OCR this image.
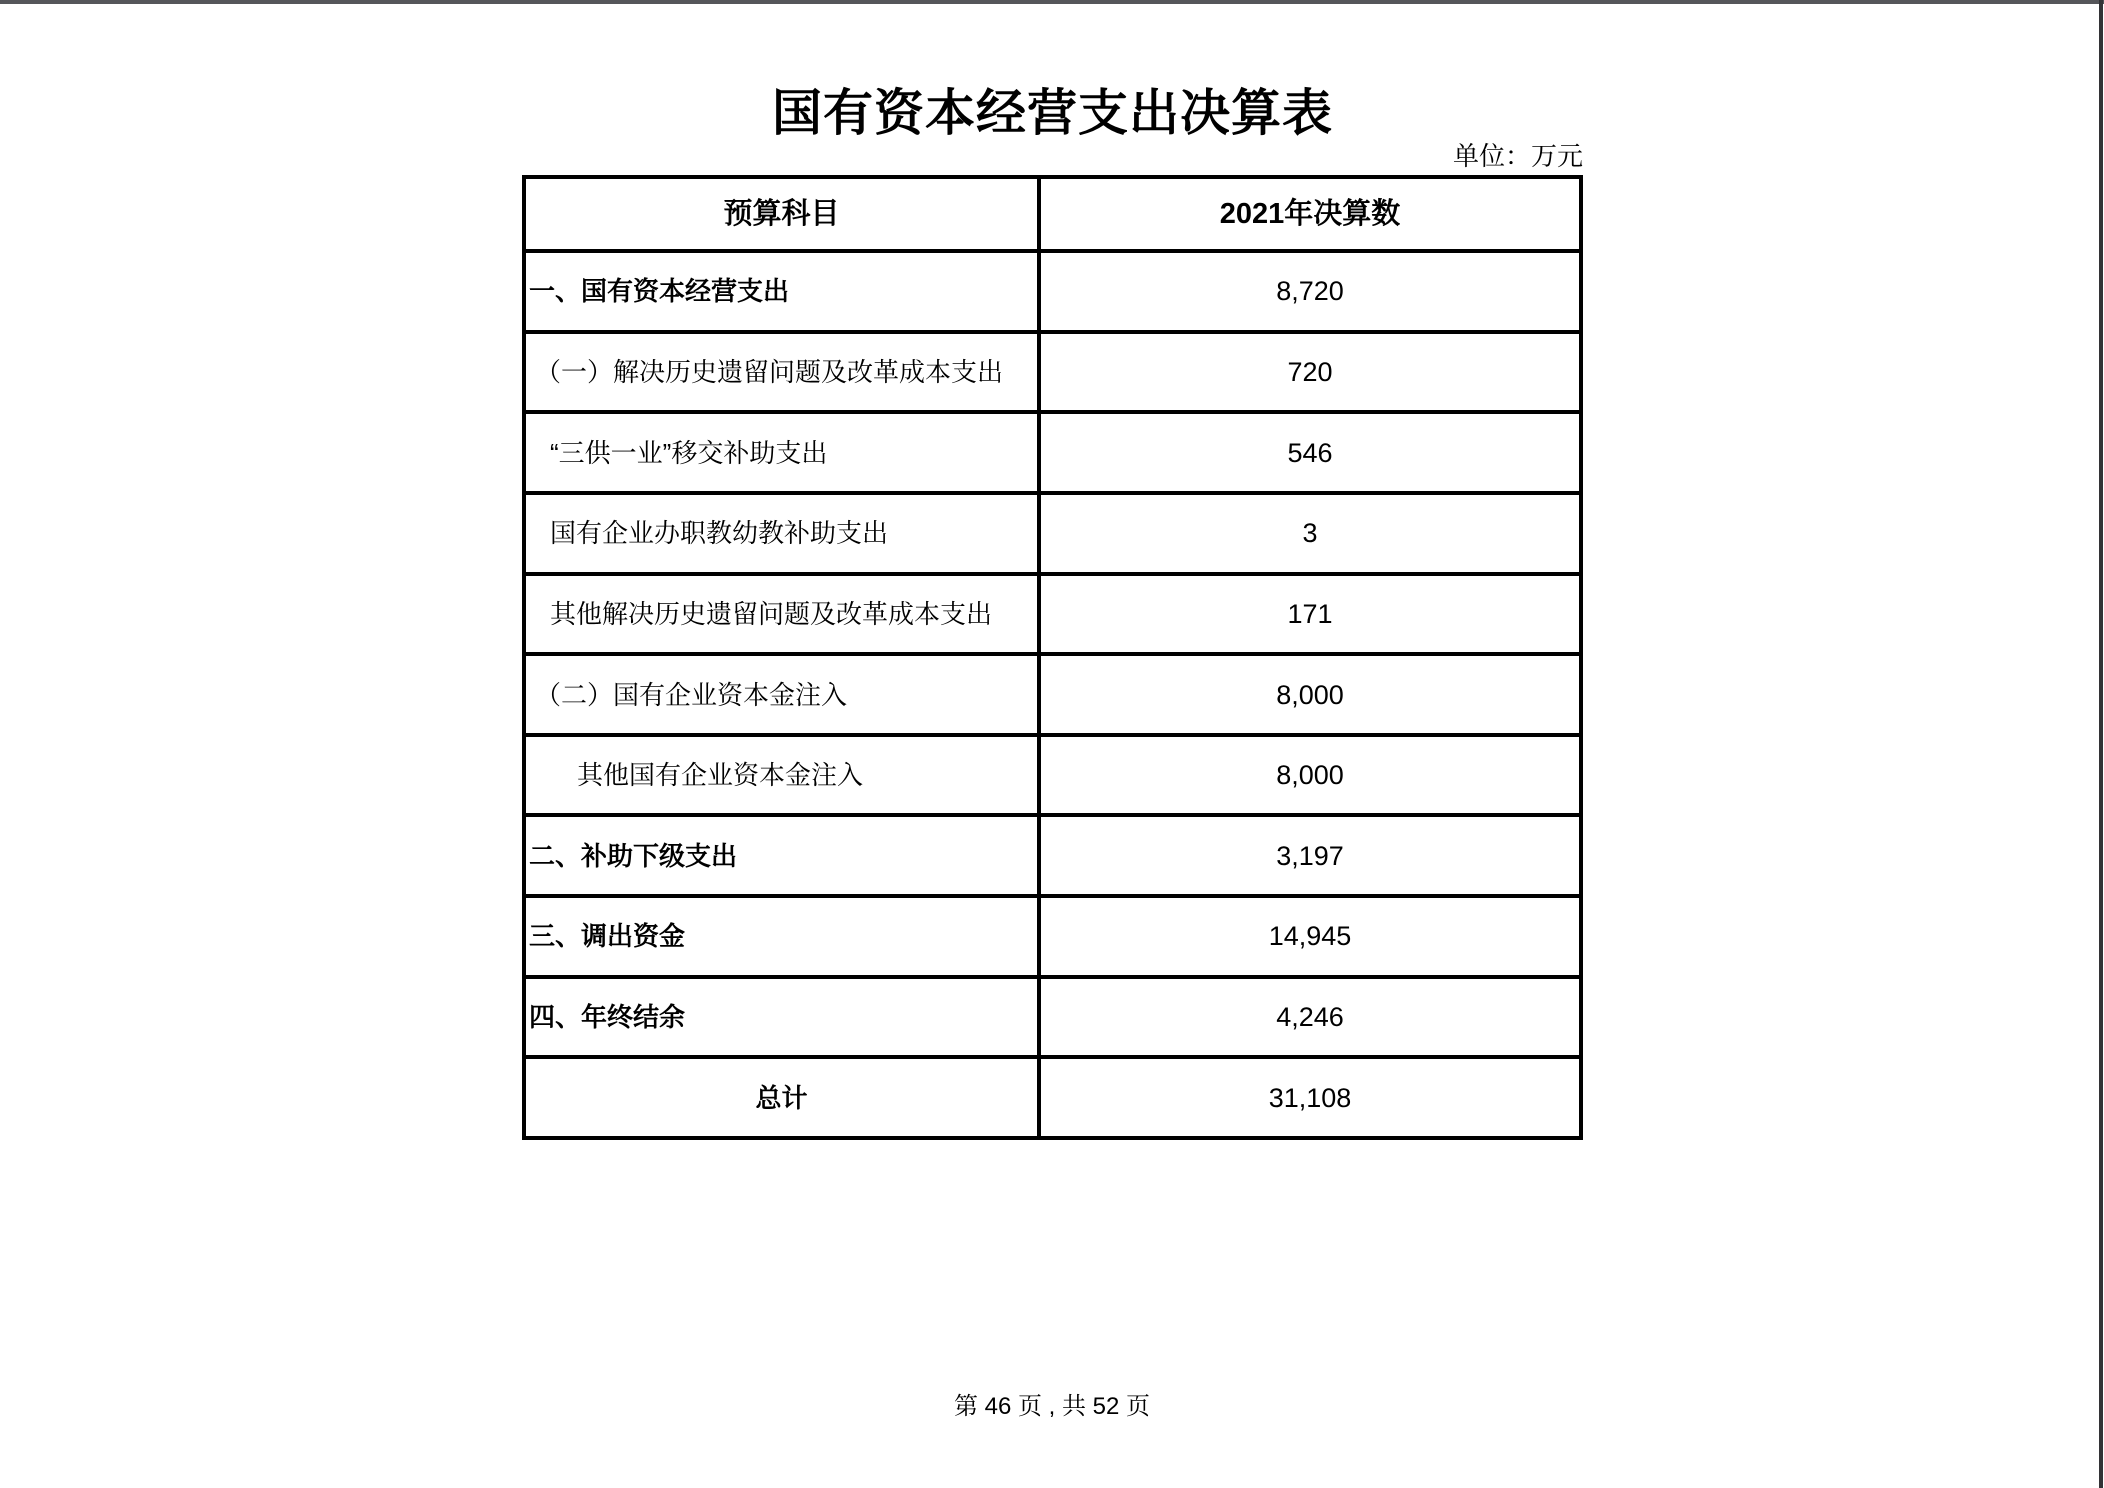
国有资本经营支出决算表
单位：万元
预算科目	2021年决算数
一、国有资本经营支出	8,720
（一）解决历史遗留问题及改革成本支出	720
“三供一业”移交补助支出	546
国有企业办职教幼教补助支出	3
其他解决历史遗留问题及改革成本支出	171
（二）国有企业资本金注入	8,000
其他国有企业资本金注入	8,000
二、补助下级支出	3,197
三、调出资金	14,945
四、年终结余	4,246
总计	31,108
第 46 页 , 共 52 页
